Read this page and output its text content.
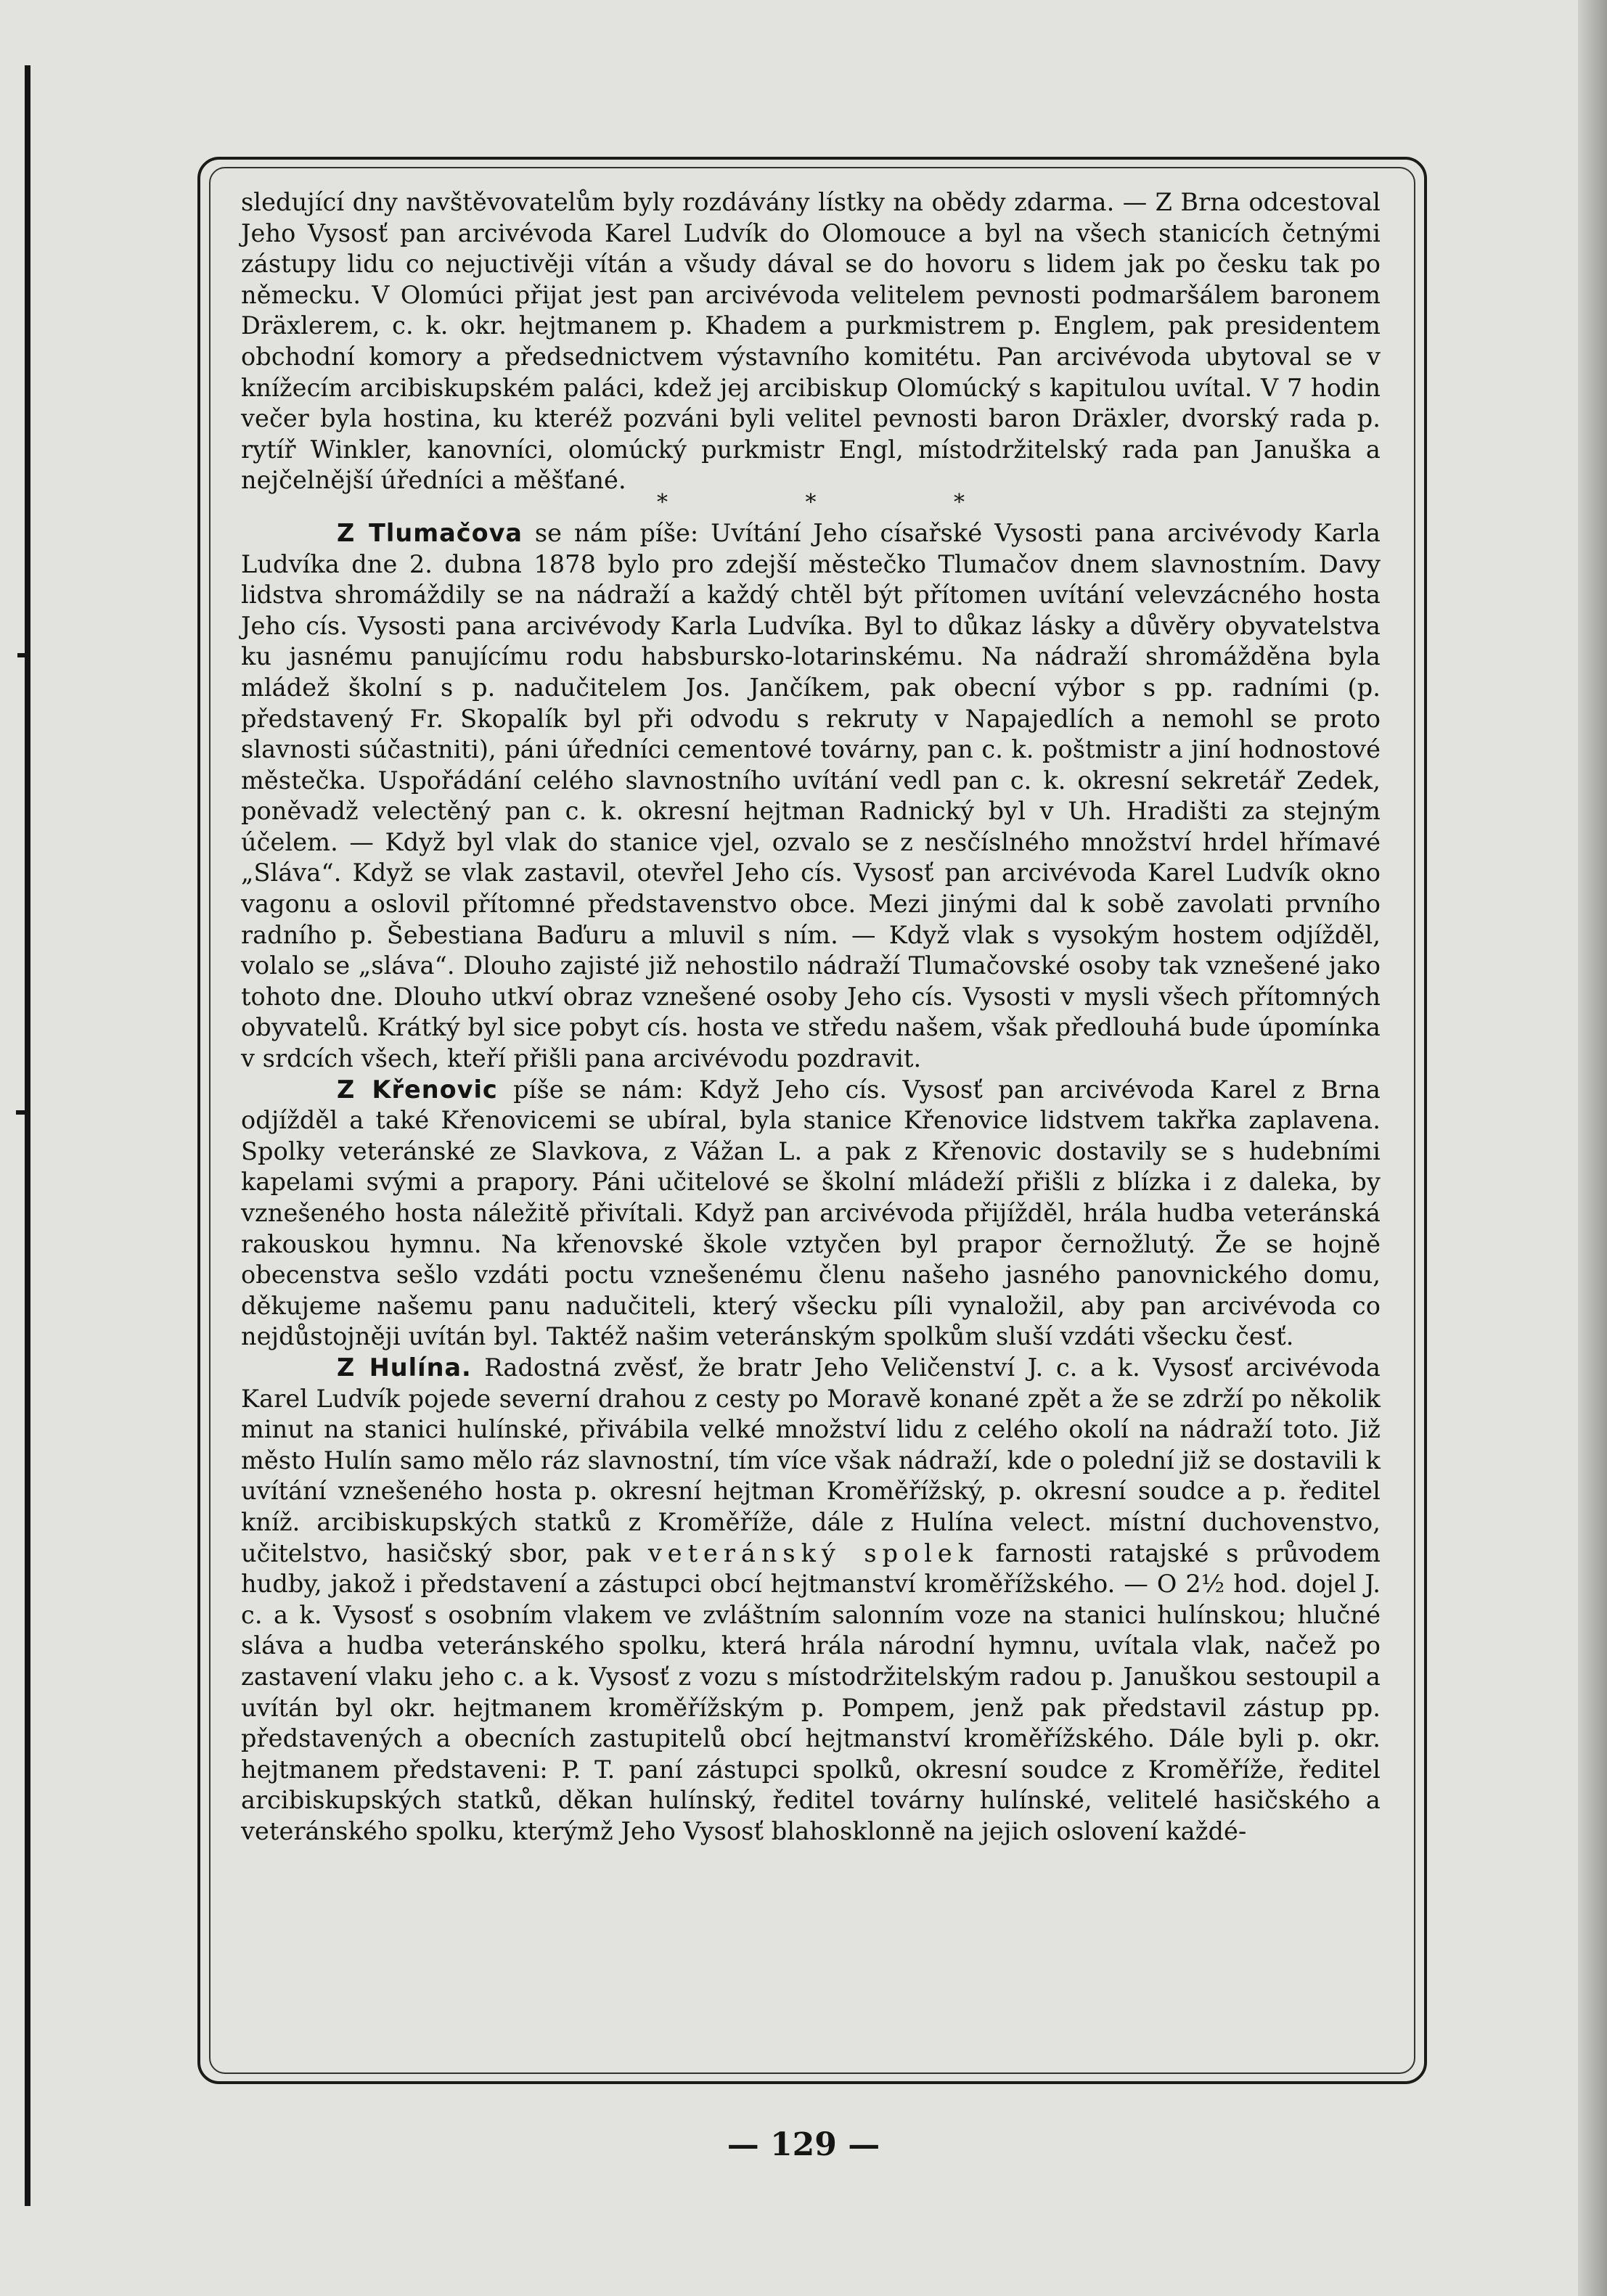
sledující dny navštěvovatelům byly rozdávány lístky na obědy zdarma. — Z Brna odcestoval Jeho Vysosť pan arcivévoda Karel Ludvík do Olomouce a byl na všech stanicích četnými zástupy lidu co nejuctivěji vítán a všudy dával se do hovoru s lidem jak po česku tak po německu. V Olomúci přijat jest pan arcivévoda velitelem pevnosti podmaršálem baronem Dräxlerem, c. k. okr. hejtmanem p. Khadem a purkmistrem p. Englem, pak presidentem obchodní komory a předsednictvem výstavního komitétu. Pan arcivévoda ubytoval se v knížecím arcibiskupském paláci, kdež jej arcibiskup Olomúcký s kapitulou uvítal. V 7 hodin večer byla hostina, ku kteréž pozváni byli velitel pevnosti baron Dräxler, dvorský rada p. rytíř Winkler, kanovníci, olomúcký purkmistr Engl, místodržitelský rada pan Januška a nejčelnější úředníci a měšťané.

* * *

Z Tlumačova se nám píše: Uvítání Jeho císařské Vysosti pana arcivévody Karla Ludvíka dne 2. dubna 1878 bylo pro zdejší městečko Tlumačov dnem slavnostním. Davy lidstva shromáždily se na nádraží a každý chtěl být přítomen uvítání velevzácného hosta Jeho cís. Vysosti pana arcivévody Karla Ludvíka. Byl to důkaz lásky a důvěry obyvatelstva ku jasnému panujícímu rodu habsbursko-lotarinskému. Na nádraží shromážděna byla mládež školní s p. nadučitelem Jos. Jančíkem, pak obecní výbor s pp. radními (p. představený Fr. Skopalík byl při odvodu s rekruty v Napajedlích a nemohl se proto slavnosti súčastniti), páni úředníci cementové továrny, pan c. k. poštmistr a jiní hodnostové městečka. Uspořádání celého slavnostního uvítání vedl pan c. k. okresní sekretář Zedek, poněvadž velectěný pan c. k. okresní hejtman Radnický byl v Uh. Hradišti za stejným účelem. — Když byl vlak do stanice vjel, ozvalo se z nesčíslného množství hrdel hřímavé „Sláva“. Když se vlak zastavil, otevřel Jeho cís. Vysosť pan arcivévoda Karel Ludvík okno vagonu a oslovil přítomné představenstvo obce. Mezi jinými dal k sobě zavolati prvního radního p. Šebestiana Baďuru a mluvil s ním. — Když vlak s vysokým hostem odjížděl, volalo se „sláva“. Dlouho zajisté již nehostilo nádraží Tlumačovské osoby tak vznešené jako tohoto dne. Dlouho utkví obraz vznešené osoby Jeho cís. Vysosti v mysli všech přítomných obyvatelů. Krátký byl sice pobyt cís. hosta ve středu našem, však předlouhá bude úpomínka v srdcích všech, kteří přišli pana arcivévodu pozdravit.

Z Křenovic píše se nám: Když Jeho cís. Vysosť pan arcivévoda Karel z Brna odjížděl a také Křenovicemi se ubíral, byla stanice Křenovice lidstvem takřka zaplavena. Spolky veteránské ze Slavkova, z Vážan L. a pak z Křenovic dostavily se s hudebními kapelami svými a prapory. Páni učitelové se školní mládeží přišli z blízka i z daleka, by vznešeného hosta náležitě přivítali. Když pan arcivévoda přijížděl, hrála hudba veteránská rakouskou hymnu. Na křenovské škole vztyčen byl prapor černožlutý. Že se hojně obecenstva sešlo vzdáti poctu vznešenému členu našeho jasného panovnického domu, děkujeme našemu panu nadučiteli, který všecku píli vynaložil, aby pan arcivévoda co nejdůstojněji uvítán byl. Taktéž našim veteránským spolkům sluší vzdáti všecku česť.

Z Hulína. Radostná zvěsť, že bratr Jeho Veličenství J. c. a k. Vysosť arcivévoda Karel Ludvík pojede severní drahou z cesty po Moravě konané zpět a že se zdrží po několik minut na stanici hulínské, přivábila velké množství lidu z celého okolí na nádraží toto. Již město Hulín samo mělo ráz slavnostní, tím více však nádraží, kde o polední již se dostavili k uvítání vznešeného hosta p. okresní hejtman Kroměřížský, p. okresní soudce a p. ředitel kníž. arcibiskupských statků z Kroměříže, dále z Hulína velect. místní duchovenstvo, učitelstvo, hasičský sbor, pak veteránský spolek farnosti ratajské s průvodem hudby, jakož i představení a zástupci obcí hejtmanství kroměřížského. — O 2½ hod. dojel J. c. a k. Vysosť s osobním vlakem ve zvláštním salonním voze na stanici hulínskou; hlučné sláva a hudba veteránského spolku, která hrála národní hymnu, uvítala vlak, načež po zastavení vlaku jeho c. a k. Vysosť z vozu s místodržitelským radou p. Januškou sestoupil a uvítán byl okr. hejtmanem kroměřížským p. Pompem, jenž pak představil zástup pp. představených a obecních zastupitelů obcí hejtmanství kroměřížského. Dále byli p. okr. hejtmanem představeni: P. T. paní zástupci spolků, okresní soudce z Kroměříže, ředitel arcibiskupských statků, děkan hulínský, ředitel továrny hulínské, velitelé hasičského a veteránského spolku, kterýmž Jeho Vysosť blahosklonně na jejich oslovení každé-

— 129 —
